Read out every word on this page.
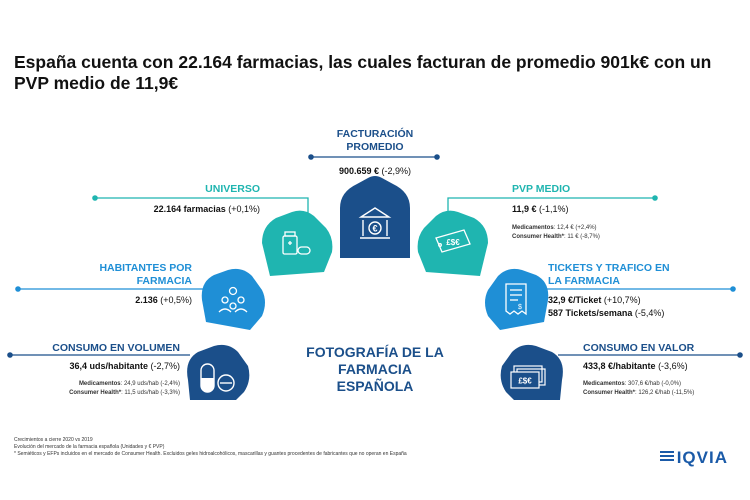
España cuenta con 22.164 farmacias, las cuales facturan de promedio 901k€ con un PVP medio de 11,9€
€
£$€
$
£$€
FOTOGRAFÍA DE LA
FARMACIA
ESPAÑOLA
FACTURACIÓN
PROMEDIO
900.659 € (-2,9%)
UNIVERSO
22.164 farmacias (+0,1%)
HABITANTES POR
FARMACIA
2.136 (+0,5%)
CONSUMO EN VOLUMEN
36,4 uds/habitante (-2,7%)
Medicamentos: 24,9 uds/hab (-2,4%)
Consumer Health*: 11,5 uds/hab (-3,3%)
PVP MEDIO
11,9 € (-1,1%)
Medicamentos: 12,4 € (+2,4%)
Consumer Health*: 11 € (-8,7%)
TICKETS Y TRAFICO EN
LA FARMACIA
32,9 €/Ticket (+10,7%)
587 Tickets/semana (-5,4%)
CONSUMO EN VALOR
433,8 €/habitante (-3,6%)
Medicamentos: 307,6 €/hab (-0,0%)
Consumer Health*: 126,2 €/hab (-11,5%)
Crecimientos a cierre 2020 vs 2019
Evolución del mercado de la farmacia española (Unidades y € PVP)
* Semiéticos y EFPs incluidos en el mercado de Consumer Health. Excluidos geles hidroalcohólicos, mascarillas y guantes procedentes de fabricantes que no operan en España	IQVIA
